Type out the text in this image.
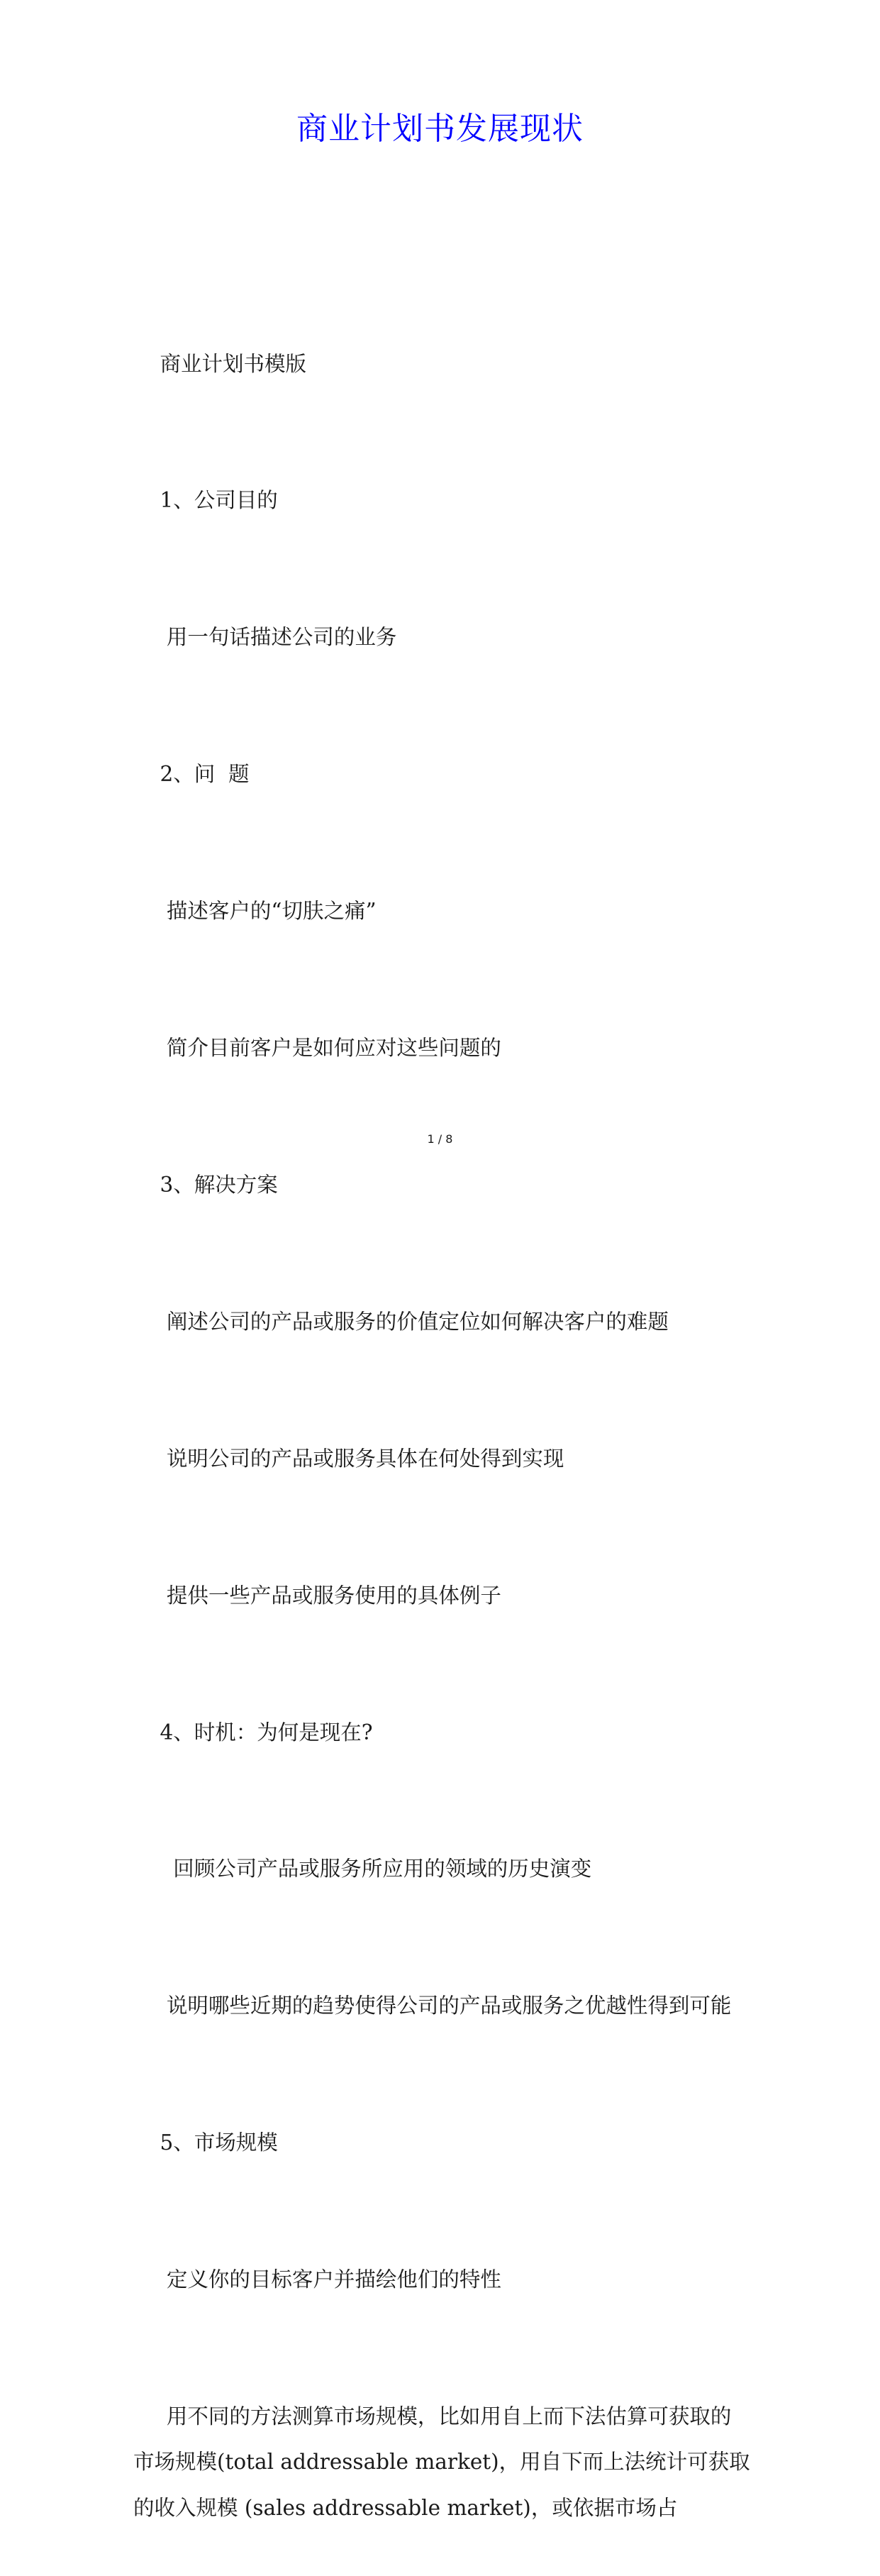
商业计划书发展现状

商业计划书模版

1、公司目的

用一句话描述公司的业务

2、问  题

描述客户的“切肤之痛”

简介目前客户是如何应对这些问题的

3、解决方案

阐述公司的产品或服务的价值定位如何解决客户的难题

说明公司的产品或服务具体在何处得到实现

提供一些产品或服务使用的具体例子

4、时机：为何是现在?

回顾公司产品或服务所应用的领域的历史演变

说明哪些近期的趋势使得公司的产品或服务之优越性得到可能

5、市场规模

定义你的目标客户并描绘他们的特性

用不同的方法测算市场规模，比如用自上而下法估算可获取的市场规模(total addressable market)，用自下而上法统计可获取的收入规模 (sales addressable market)，或依据市场占

1 / 8
